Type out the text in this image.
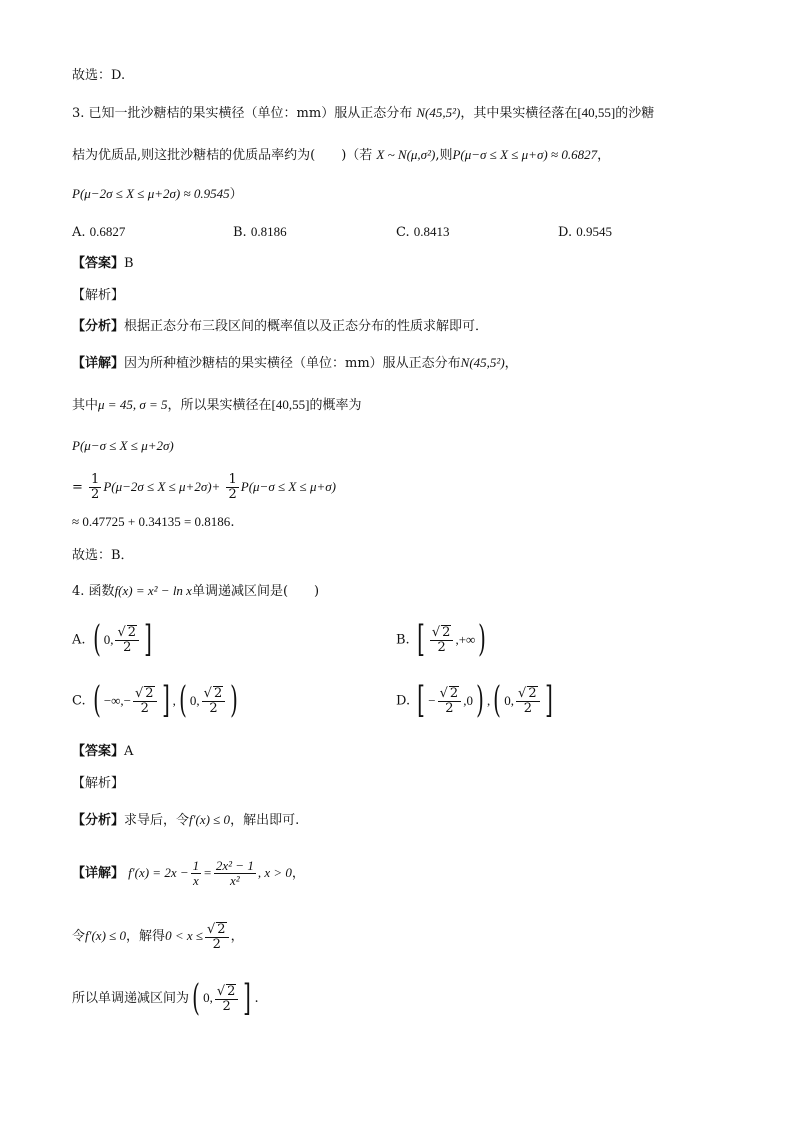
故选：D.
3. 已知一批沙糖桔的果实横径（单位：mm）服从正态分布 N(45,5²)，其中果实横径落在[40,55]的沙糖
桔为优质品,则这批沙糖桔的优质品率约为(　　)（若 X ~ N(μ,σ²),则P(μ−σ ≤ X ≤ μ+σ) ≈ 0.6827，
P(μ−2σ ≤ X ≤ μ+2σ) ≈ 0.9545）
A. 0.6827	B. 0.8186	C. 0.8413	D. 0.9545
【答案】B
【解析】
【分析】根据正态分布三段区间的概率值以及正态分布的性质求解即可．
【详解】因为所种植沙糖桔的果实横径（单位：mm）服从正态分布N(45,5²)，
其中μ = 45, σ = 5，所以果实横径在[40,55]的概率为
P(μ−σ ≤ X ≤ μ+2σ)
= $\frac{1}{2} P(\mu-2\sigma \le X \le \mu+2\sigma)+ \frac{1}{2} P(\mu-\sigma \le X \le \mu+\sigma)$
≈ 0.47725 + 0.34135 = 0.8186.
故选：B．
4. 函数f(x) = x² − ln x单调递减区间是(　　)
A. ( 0, $\frac{√ 2}{2}$ ]	B. [ $\frac{√ 2}{2}$ ,+∞)
C. ( −∞,− $\frac{√ 2}{2}$ ] ,( 0, $\frac{√ 2}{2}$ )	D. [ − $\frac{√ 2}{2} ,0$) ,( 0, $\frac{√ 2}{2}$ ]
【答案】A
【解析】
【分析】求导后，令f′(x) ≤ 0，解出即可.
【详解】 $f'(x) = 2x - \frac{1}{x} = \frac{\text{2x² − 1}}{\text{x²}}$ , x > 0，
令f′(x) ≤ 0，解得$0 < x \le \frac{√ 2}{2}$ ，
所以单调递减区间为( 0, $\frac{√ 2}{2}$ ] .
